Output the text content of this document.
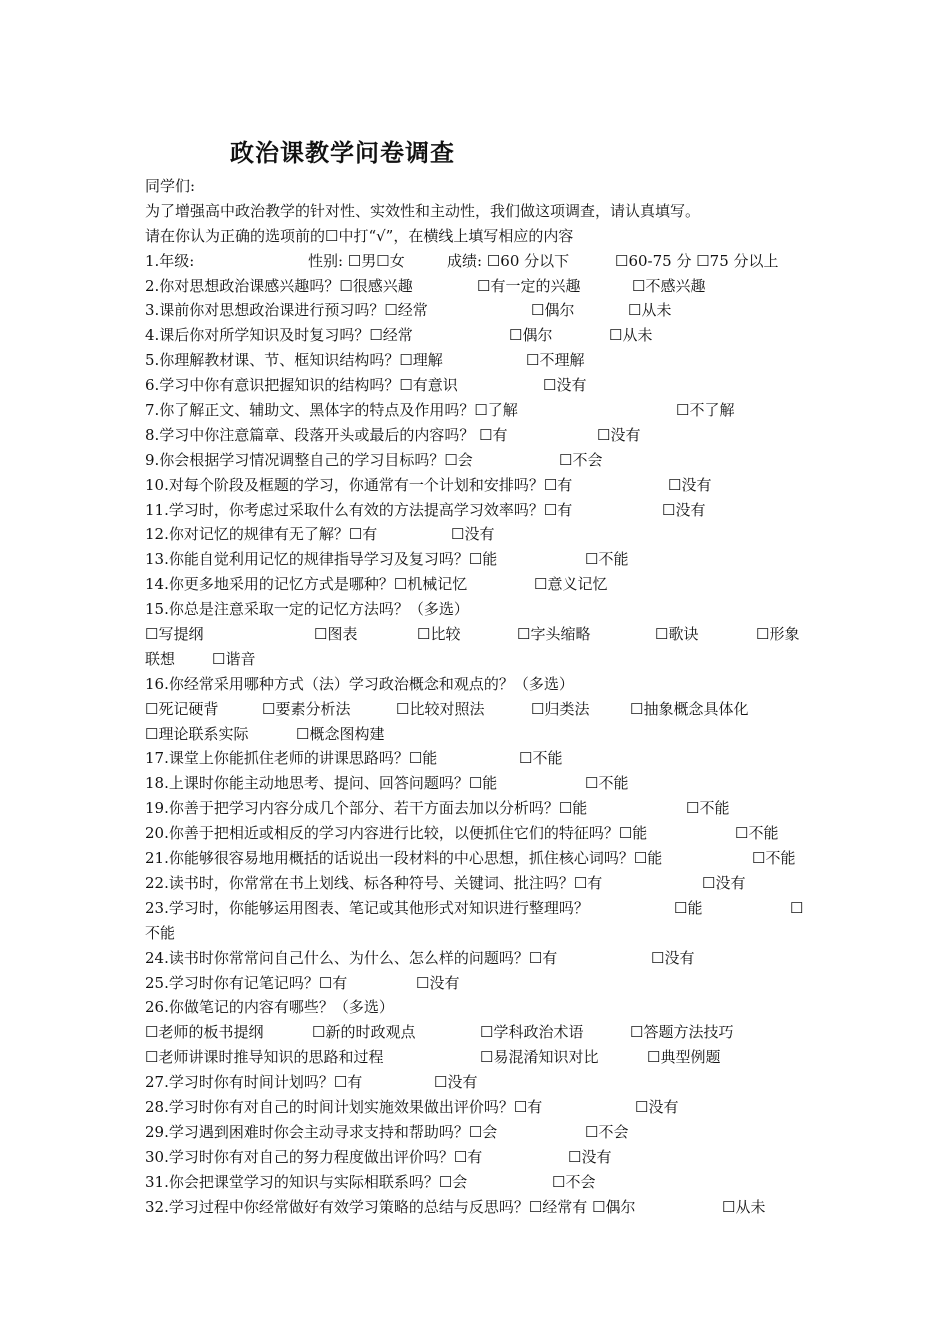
政治课教学问卷调查
同学们:
为了增强高中政治教学的针对性、实效性和主动性，我们做这项调查，请认真填写。
请在你认为正确的选项前的☐中打“√”，在横线上填写相应的内容
1.年级:	性别: ☐男☐女	成绩: ☐60 分以下	☐60-75 分 ☐75 分以上
2.你对思想政治课感兴趣吗？☐很感兴趣	☐有一定的兴趣	☐不感兴趣
3.课前你对思想政治课进行预习吗？☐经常	☐偶尔	☐从未
4.课后你对所学知识及时复习吗？☐经常	☐偶尔	☐从未
5.你理解教材课、节、框知识结构吗？☐理解	☐不理解
6.学习中你有意识把握知识的结构吗？☐有意识	☐没有
7.你了解正文、辅助文、黑体字的特点及作用吗？☐了解	☐不了解
8.学习中你注意篇章、段落开头或最后的内容吗？ ☐有	☐没有
9.你会根据学习情况调整自己的学习目标吗？☐会	☐不会
10.对每个阶段及框题的学习，你通常有一个计划和安排吗？☐有	☐没有
11.学习时，你考虑过采取什么有效的方法提高学习效率吗？☐有	☐没有
12.你对记忆的规律有无了解？☐有	☐没有
13.你能自觉利用记忆的规律指导学习及复习吗？☐能	☐不能
14.你更多地采用的记忆方式是哪种？☐机械记忆	☐意义记忆
15.你总是注意采取一定的记忆方法吗？（多选）
☐写提纲	☐图表	☐比较	☐字头缩略	☐歌诀	☐形象
联想 ☐谐音
16.你经常采用哪种方式（法）学习政治概念和观点的？（多选）
☐死记硬背	☐要素分析法	☐比较对照法	☐归类法	☐抽象概念具体化
☐理论联系实际	☐概念图构建
17.课堂上你能抓住老师的讲课思路吗？☐能	☐不能
18.上课时你能主动地思考、提问、回答问题吗？☐能	☐不能
19.你善于把学习内容分成几个部分、若干方面去加以分析吗？☐能	☐不能
20.你善于把相近或相反的学习内容进行比较，以便抓住它们的特征吗？☐能	☐不能
21.你能够很容易地用概括的话说出一段材料的中心思想，抓住核心词吗？☐能	☐不能
22.读书时，你常常在书上划线、标各种符号、关键词、批注吗？☐有	☐没有
23.学习时，你能够运用图表、笔记或其他形式对知识进行整理吗？	☐能	☐
不能
24.读书时你常常问自己什么、为什么、怎么样的问题吗？☐有	☐没有
25.学习时你有记笔记吗？☐有	☐没有
26.你做笔记的内容有哪些？（多选）
☐老师的板书提纲	☐新的时政观点	☐学科政治术语	☐答题方法技巧
☐老师讲课时推导知识的思路和过程	☐易混淆知识对比	☐典型例题
27.学习时你有时间计划吗？☐有	☐没有
28.学习时你有对自己的时间计划实施效果做出评价吗？☐有	☐没有
29.学习遇到困难时你会主动寻求支持和帮助吗？☐会	☐不会
30.学习时你有对自己的努力程度做出评价吗？☐有	☐没有
31.你会把课堂学习的知识与实际相联系吗？☐会	☐不会
32.学习过程中你经常做好有效学习策略的总结与反思吗？☐经常有 ☐偶尔	☐从未
